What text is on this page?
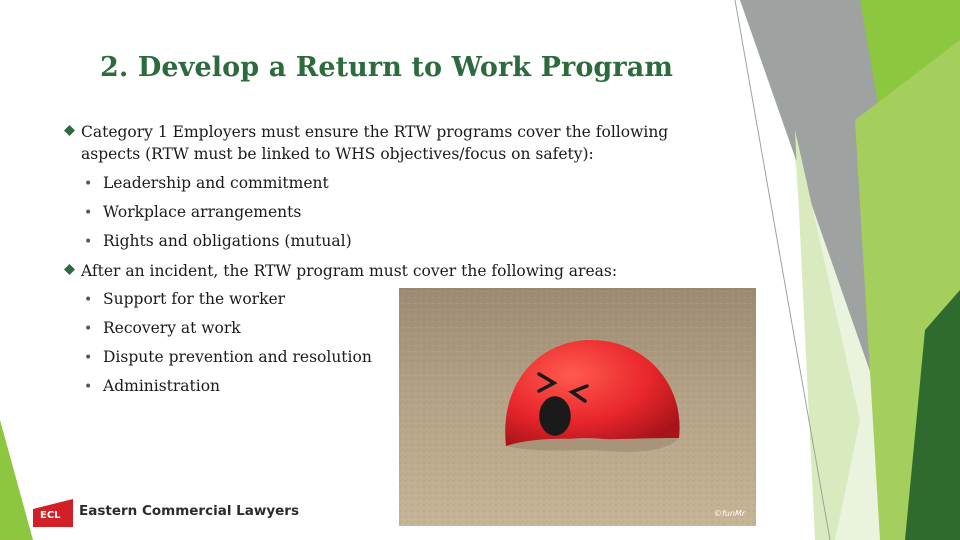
2. Develop a Return to Work Program
Category 1 Employers must ensure the RTW programs cover the following aspects (RTW must be linked to WHS objectives/focus on safety):
• Leadership and commitment
• Workplace arrangements
• Rights and obligations (mutual)
After an incident, the RTW program must cover the following areas:
• Support for the worker
• Recovery at work
• Dispute prevention and resolution
• Administration
©funMr
ECL Eastern Commercial Lawyers
